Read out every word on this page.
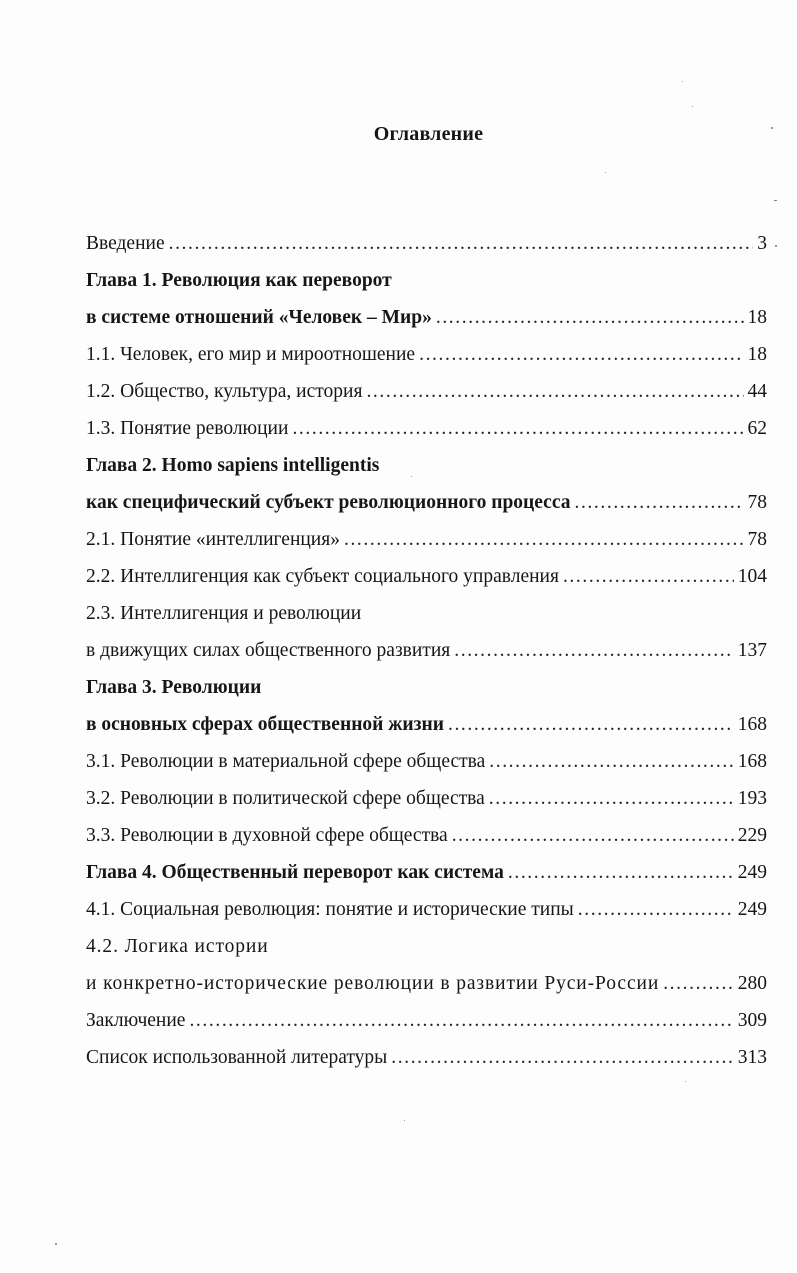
Оглавление
Введение .....	3
Глава 1. Революция как переворот
в системе отношений «Человек – Мир» .....	18
1.1. Человек, его мир и мироотношение .....	18
1.2. Общество, культура, история .....	44
1.3. Понятие революции .....	62
Глава 2. Homo sapiens intelligentis
как специфический субъект революционного процесса .....	78
2.1. Понятие «интеллигенция» .....	78
2.2. Интеллигенция как субъект социального управления .....	104
2.3. Интеллигенция и революции
в движущих силах общественного развития .....	137
Глава 3. Революции
в основных сферах общественной жизни .....	168
3.1. Революции в материальной сфере общества .....	168
3.2. Революции в политической сфере общества .....	193
3.3. Революции в духовной сфере общества .....	229
Глава 4. Общественный переворот как система .....	249
4.1. Социальная революция: понятие и исторические типы .....	249
4.2. Логика истории
и конкретно-исторические революции в развитии Руси-России .....	280
Заключение .....	309
Список использованной литературы .....	313
